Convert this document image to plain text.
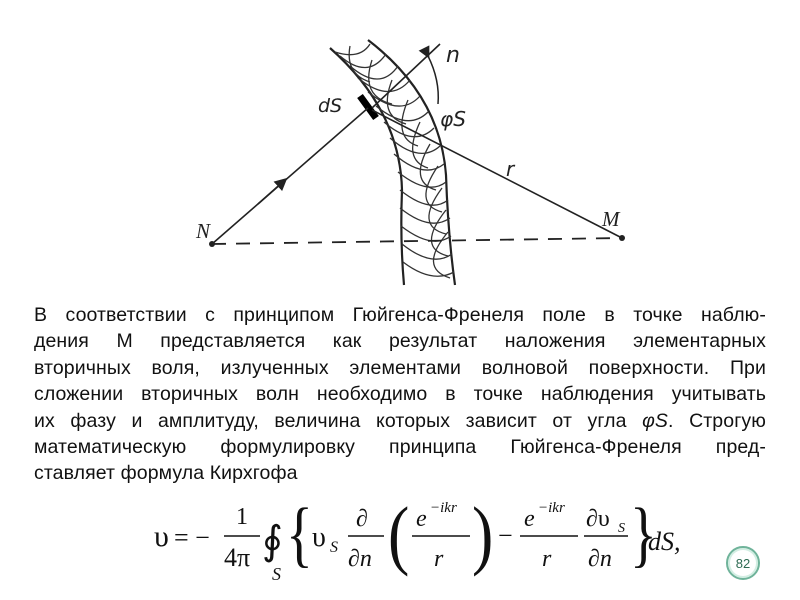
dS
n
φS
r
N	M
В соответствии с принципом Гюйгенса-Френеля поле в точке наблю-
дения М представляется как результат наложения элементарных
вторичных воля, излученных элементами волновой поверхности. При
сложении вторичных волн необходимо в точке наблюдения учитывать
их фазу и амплитуду, величина которых зависит от угла φS. Строгую
математическую формулировку принципа Гюйгенса-Френеля пред-
ставляет формула Кирхгофа
υ = −
1
4π ∮
S { υ S
∂
∂n ( e −ikr
r ) −
e −ikr
r
∂υ S
∂n }
dS,
82
